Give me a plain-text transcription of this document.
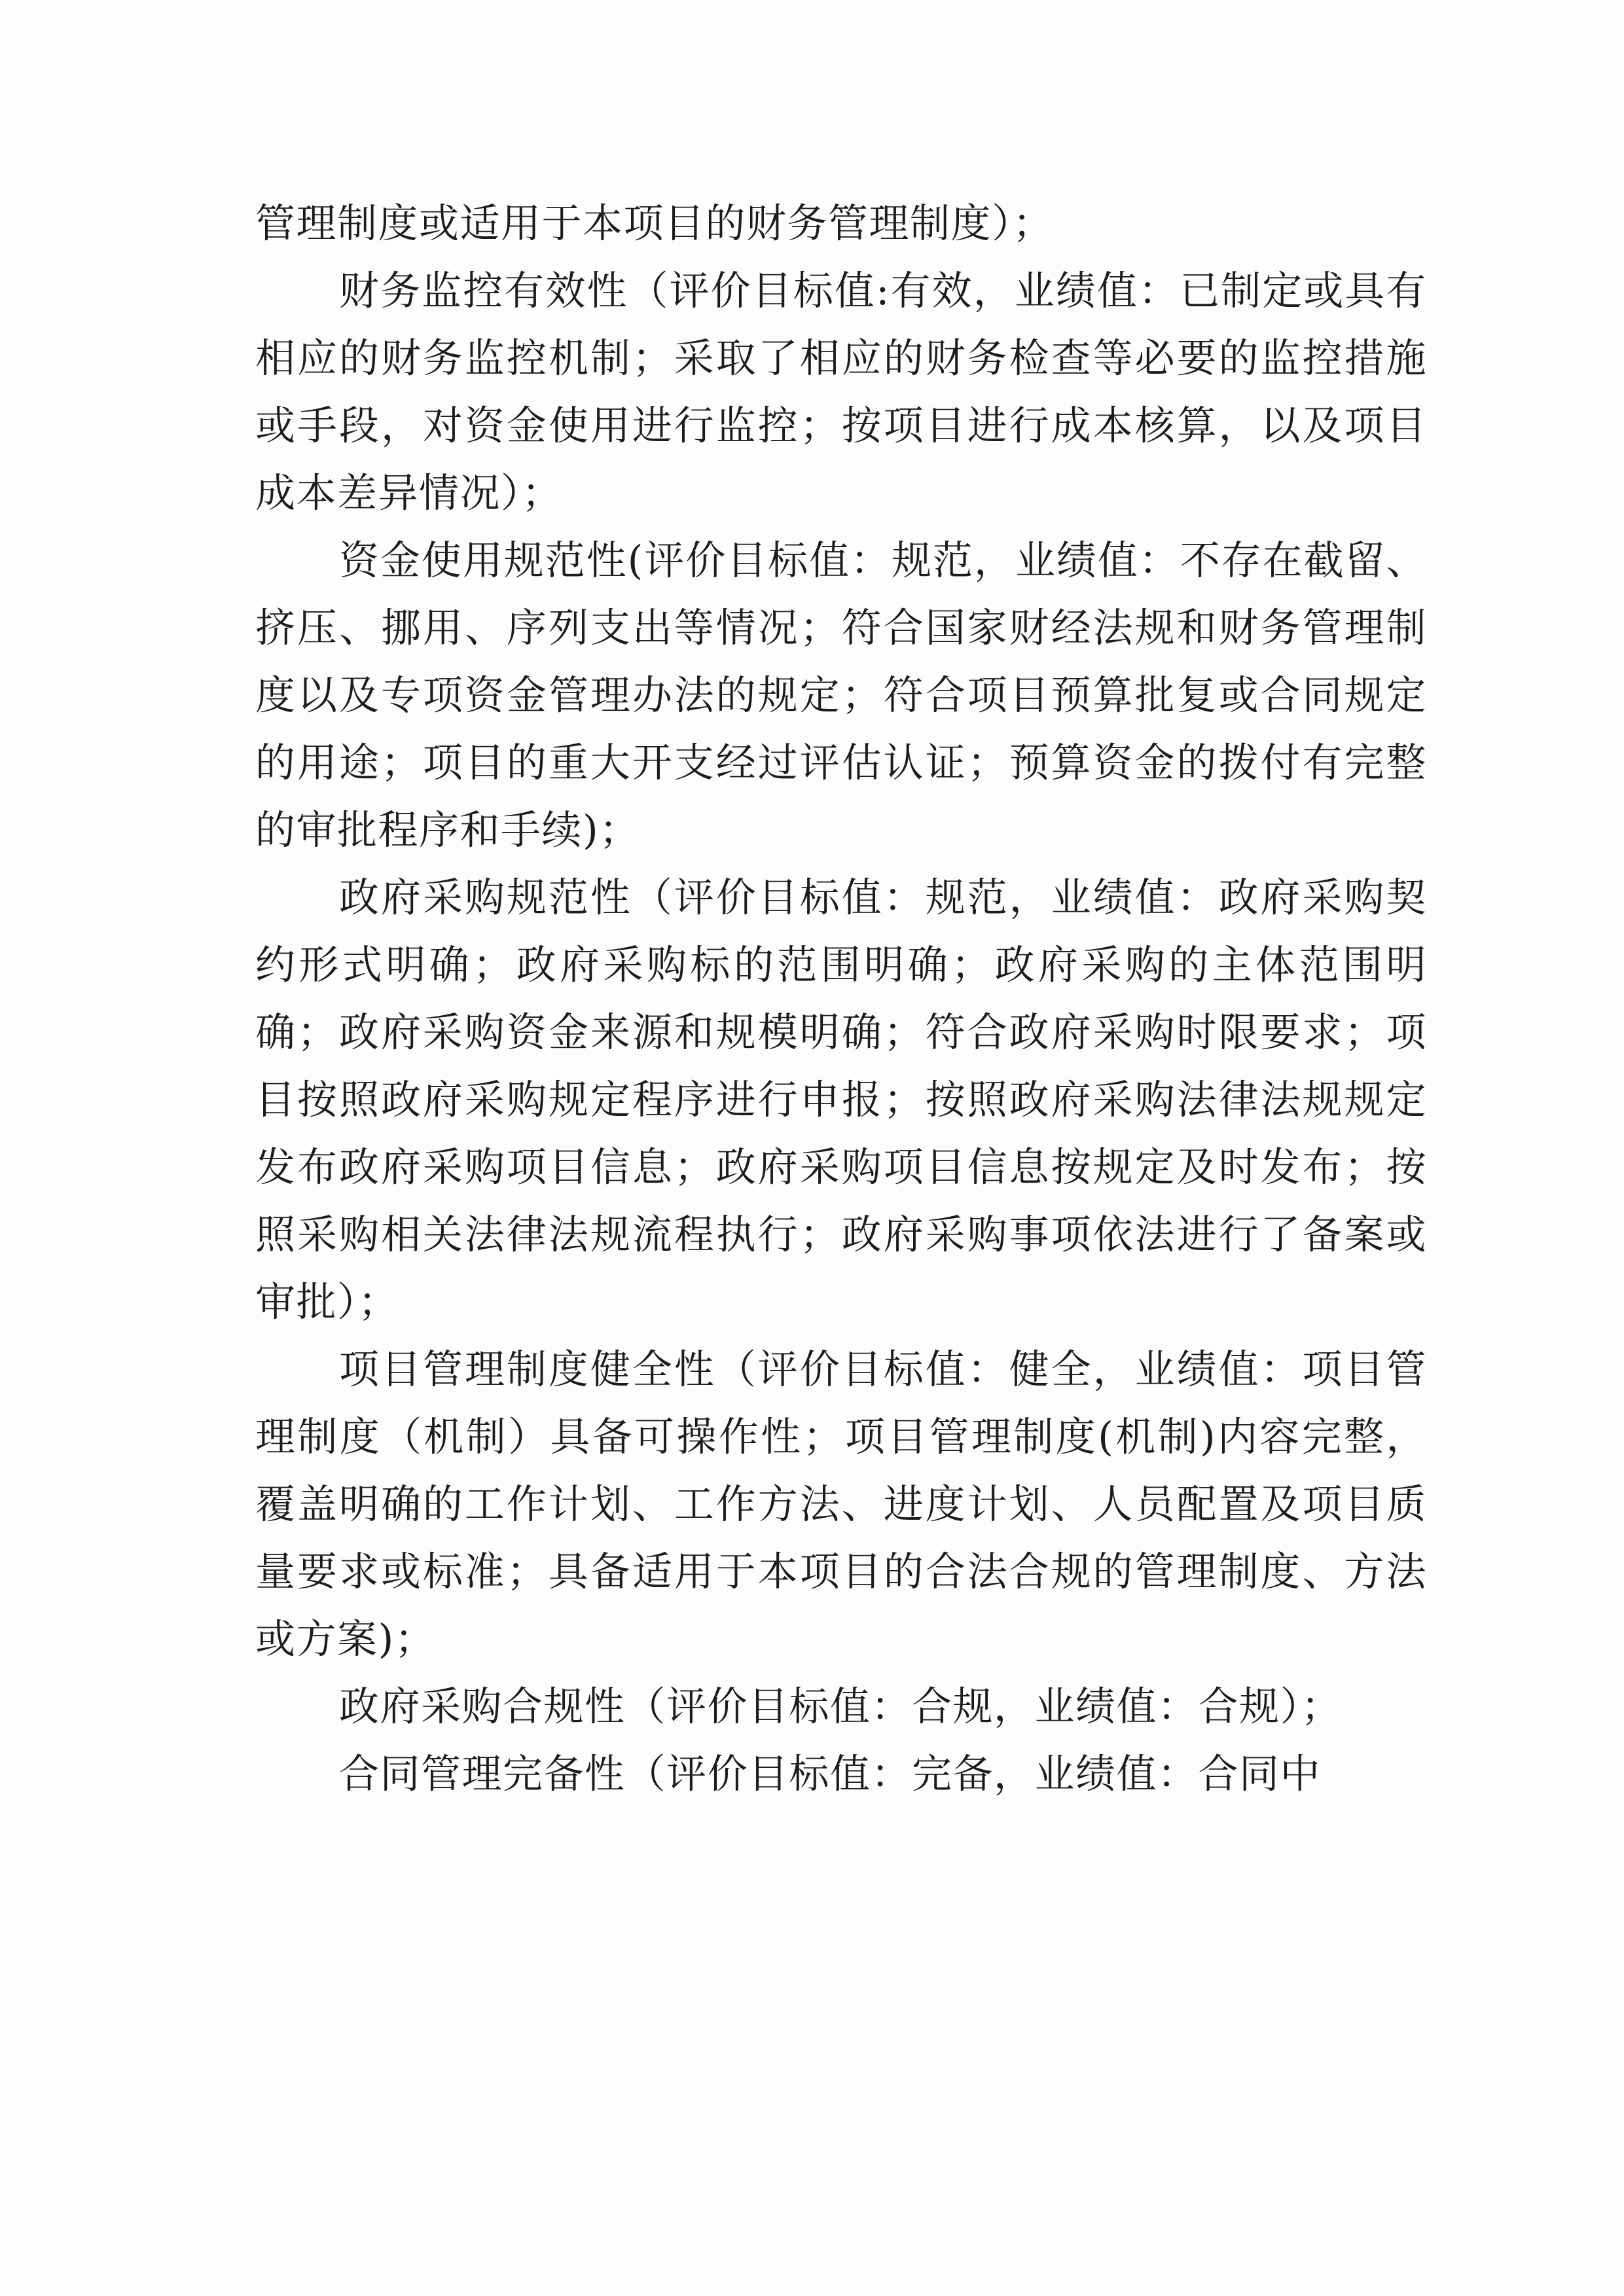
管理制度或适用于本项目的财务管理制度）；

财务监控有效性（评价目标值:有效，业绩值：已制定或具有相应的财务监控机制；采取了相应的财务检查等必要的监控措施或手段，对资金使用进行监控；按项目进行成本核算，以及项目成本差异情况）；

资金使用规范性(评价目标值：规范，业绩值：不存在截留、挤压、挪用、序列支出等情况；符合国家财经法规和财务管理制度以及专项资金管理办法的规定；符合项目预算批复或合同规定的用途；项目的重大开支经过评估认证；预算资金的拨付有完整的审批程序和手续)；

政府采购规范性（评价目标值：规范，业绩值：政府采购契约形式明确；政府采购标的范围明确；政府采购的主体范围明确；政府采购资金来源和规模明确；符合政府采购时限要求；项目按照政府采购规定程序进行申报；按照政府采购法律法规规定发布政府采购项目信息；政府采购项目信息按规定及时发布；按照采购相关法律法规流程执行；政府采购事项依法进行了备案或审批）；

项目管理制度健全性（评价目标值：健全，业绩值：项目管理制度（机制）具备可操作性；项目管理制度(机制)内容完整，覆盖明确的工作计划、工作方法、进度计划、人员配置及项目质量要求或标准；具备适用于本项目的合法合规的管理制度、方法或方案)；

政府采购合规性（评价目标值：合规，业绩值：合规）；

合同管理完备性（评价目标值：完备，业绩值：合同中
